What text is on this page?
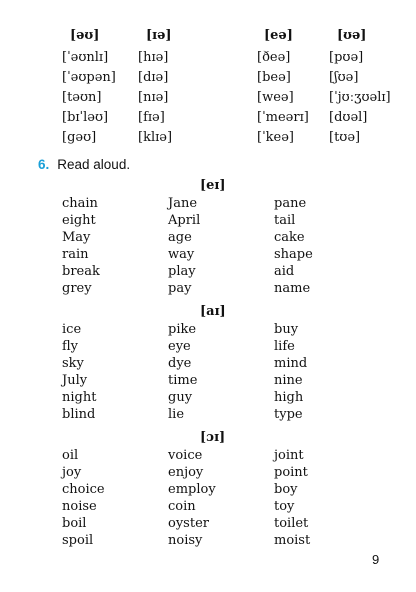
[əʊ]	[ɪə]	[eə]	[ʊə]
[ˈəʊnlɪ] [hɪə]	[ðeə]	[pʊə]
[ˈəʊpən] [dɪə]	[beə]	[ʃʊə]
[təʊn]	[nɪə]	[weə]	[ˈjʊːʒʊəlɪ]
[bɪˈləʊ] [fɪə]	[ˈmeərɪ] [dʊəl]
[gəʊ]	[klɪə]	[ˈkeə]	[tʊə]
6. Read aloud.
[eɪ]
chain	Jane	pane
eight	April	tail
May	age	cake
rain	way	shape
break	play	aid
grey	pay	name
[aɪ]
ice	pike	buy
fly	eye	life
sky	dye	mind
July	time	nine
night	guy	high
blind	lie	type
[ɔɪ]
oil	voice	joint
joy	enjoy	point
choice	employ	boy
noise	coin	toy
boil	oyster	toilet
spoil	noisy	moist
9
